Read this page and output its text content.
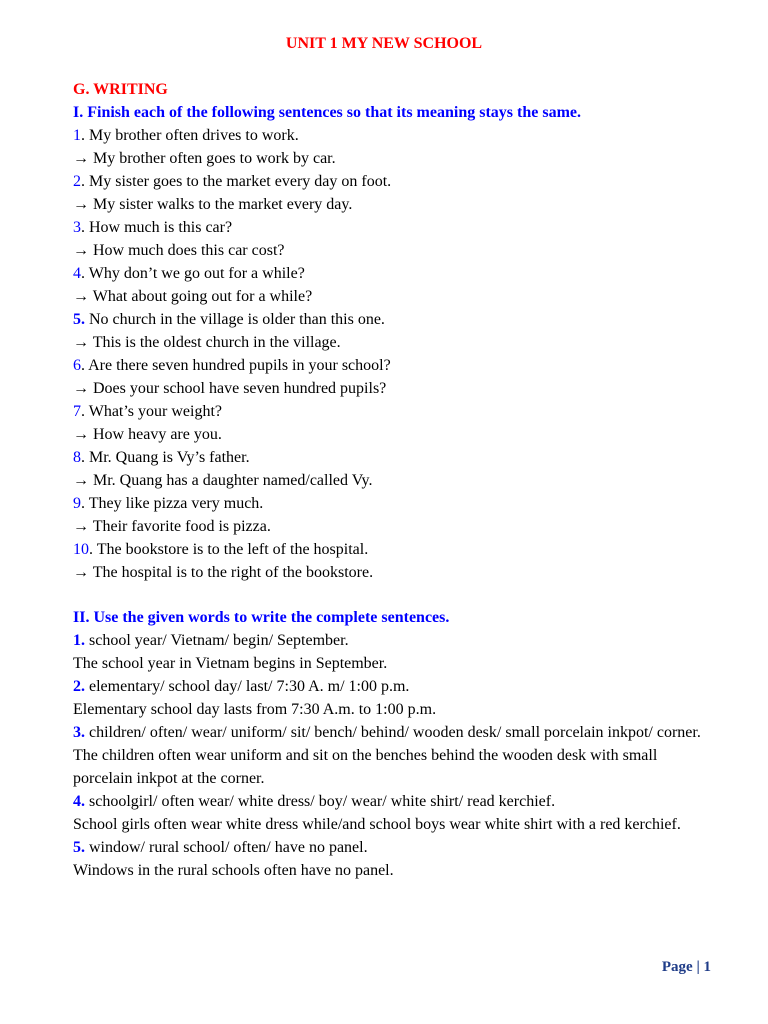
UNIT 1 MY NEW SCHOOL
G. WRITING
I. Finish each of the following sentences so that its meaning stays the same.
1. My brother often drives to work.
→ My brother often goes to work by car.
2. My sister goes to the market every day on foot.
→ My sister walks to the market every day.
3. How much is this car?
→ How much does this car cost?
4. Why don’t we go out for a while?
→ What about going out for a while?
5. No church in the village is older than this one.
→ This is the oldest church in the village.
6. Are there seven hundred pupils in your school?
→ Does your school have seven hundred pupils?
7. What’s your weight?
→ How heavy are you.
8. Mr. Quang is Vy’s father.
→ Mr. Quang has a daughter named/called Vy.
9. They like pizza very much.
→ Their favorite food is pizza.
10. The bookstore is to the left of the hospital.
→ The hospital is to the right of the bookstore.
II. Use the given words to write the complete sentences.
1. school year/ Vietnam/ begin/ September.
The school year in Vietnam begins in September.
2. elementary/ school day/ last/ 7:30 A. m/ 1:00 p.m.
Elementary school day lasts from 7:30 A.m. to 1:00 p.m.
3. children/ often/ wear/ uniform/ sit/ bench/ behind/ wooden desk/ small porcelain inkpot/ corner.
The children often wear uniform and sit on the benches behind the wooden desk with small porcelain inkpot at the corner.
4. schoolgirl/ often wear/ white dress/ boy/ wear/ white shirt/ read kerchief.
School girls often wear white dress while/and school boys wear white shirt with a red kerchief.
5. window/ rural school/ often/ have no panel.
Windows in the rural schools often have no panel.
Page | 1
